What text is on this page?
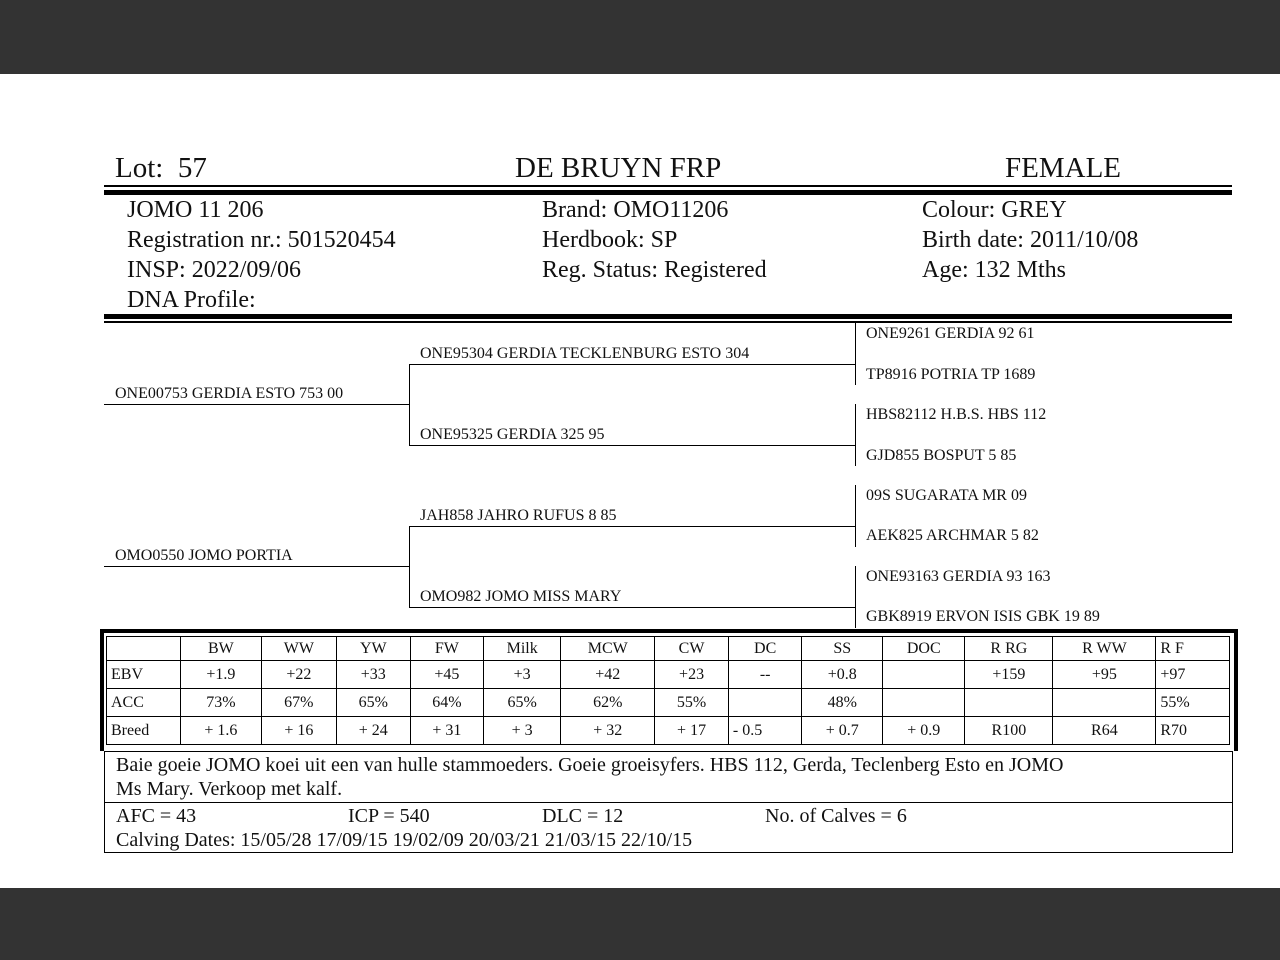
Lot: 57	DE BRUYN FRP	FEMALE
JOMO 11 206
Registration nr.: 501520454
INSP: 2022/09/06
DNA Profile:
Brand: OMO11206
Herdbook: SP
Reg. Status: Registered
Colour: GREY
Birth date: 2011/10/08
Age: 132 Mths
ONE00753 GERDIA ESTO 753 00
OMO0550 JOMO PORTIA
ONE95304 GERDIA TECKLENBURG ESTO 304
ONE95325 GERDIA 325 95
JAH858 JAHRO RUFUS 8 85
OMO982 JOMO MISS MARY
ONE9261 GERDIA 92 61
TP8916 POTRIA TP 1689
HBS82112 H.B.S. HBS 112
GJD855 BOSPUT 5 85
09S SUGARATA MR 09
AEK825 ARCHMAR 5 82
ONE93163 GERDIA 93 163
GBK8919 ERVON ISIS GBK 19 89
	BW	WW	YW	FW	Milk	MCW	CW	DC	SS	DOC	R RG	R WW	R F
EBV	+1.9	+22	+33	+45	+3	+42	+23	--	+0.8		+159	+95	+97
ACC	73%	67%	65%	64%	65%	62%	55%		48%				55%
Breed	+ 1.6	+ 16	+ 24	+ 31	+ 3	+ 32	+ 17	- 0.5	+ 0.7	+ 0.9	R100	R64	R70
Baie goeie JOMO koei uit een van hulle stammoeders. Goeie groeisyfers. HBS 112, Gerda, Teclenberg Esto en JOMO
Ms Mary. Verkoop met kalf.
AFC = 43	ICP = 540	DLC = 12	No. of Calves = 6
Calving Dates: 15/05/28 17/09/15 19/02/09 20/03/21 21/03/15 22/10/15
